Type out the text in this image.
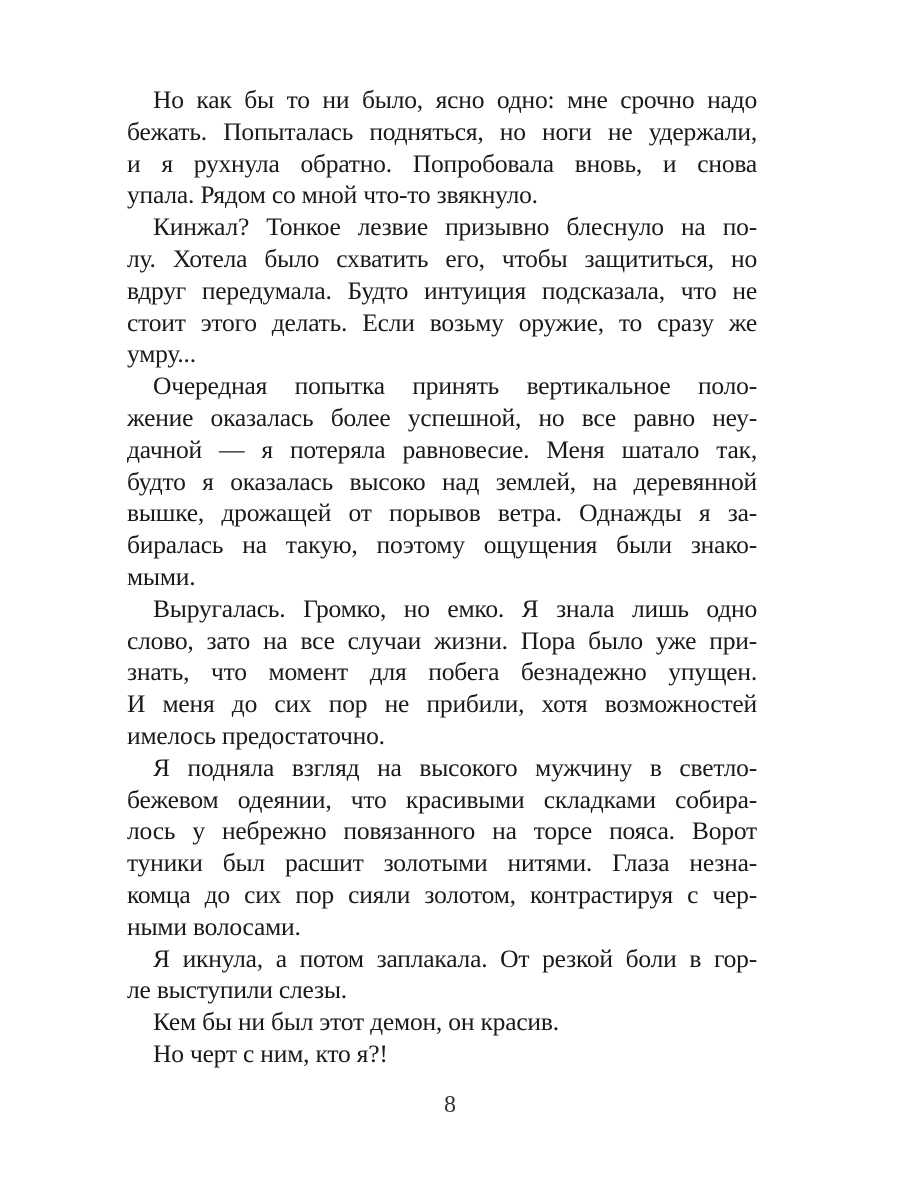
Но как бы то ни было, ясно одно: мне срочно надо
бежать. Попыталась подняться, но ноги не удержали,
и я рухнула обратно. Попробовала вновь, и снова
упала. Рядом со мной что-то звякнуло.
Кинжал? Тонкое лезвие призывно блеснуло на по-
лу. Хотела было схватить его, чтобы защититься, но
вдруг передумала. Будто интуиция подсказала, что не
стоит этого делать. Если возьму оружие, то сразу же
умру...
Очередная попытка принять вертикальное поло-
жение оказалась более успешной, но все равно неу-
дачной — я потеряла равновесие. Меня шатало так,
будто я оказалась высоко над землей, на деревянной
вышке, дрожащей от порывов ветра. Однажды я за-
биралась на такую, поэтому ощущения были знако-
мыми.
Выругалась. Громко, но емко. Я знала лишь одно
слово, зато на все случаи жизни. Пора было уже при-
знать, что момент для побега безнадежно упущен.
И меня до сих пор не прибили, хотя возможностей
имелось предостаточно.
Я подняла взгляд на высокого мужчину в светло-
бежевом одеянии, что красивыми складками собира-
лось у небрежно повязанного на торсе пояса. Ворот
туники был расшит золотыми нитями. Глаза незна-
комца до сих пор сияли золотом, контрастируя с чер-
ными волосами.
Я икнула, а потом заплакала. От резкой боли в гор-
ле выступили слезы.
Кем бы ни был этот демон, он красив.
Но черт с ним, кто я?!
8
